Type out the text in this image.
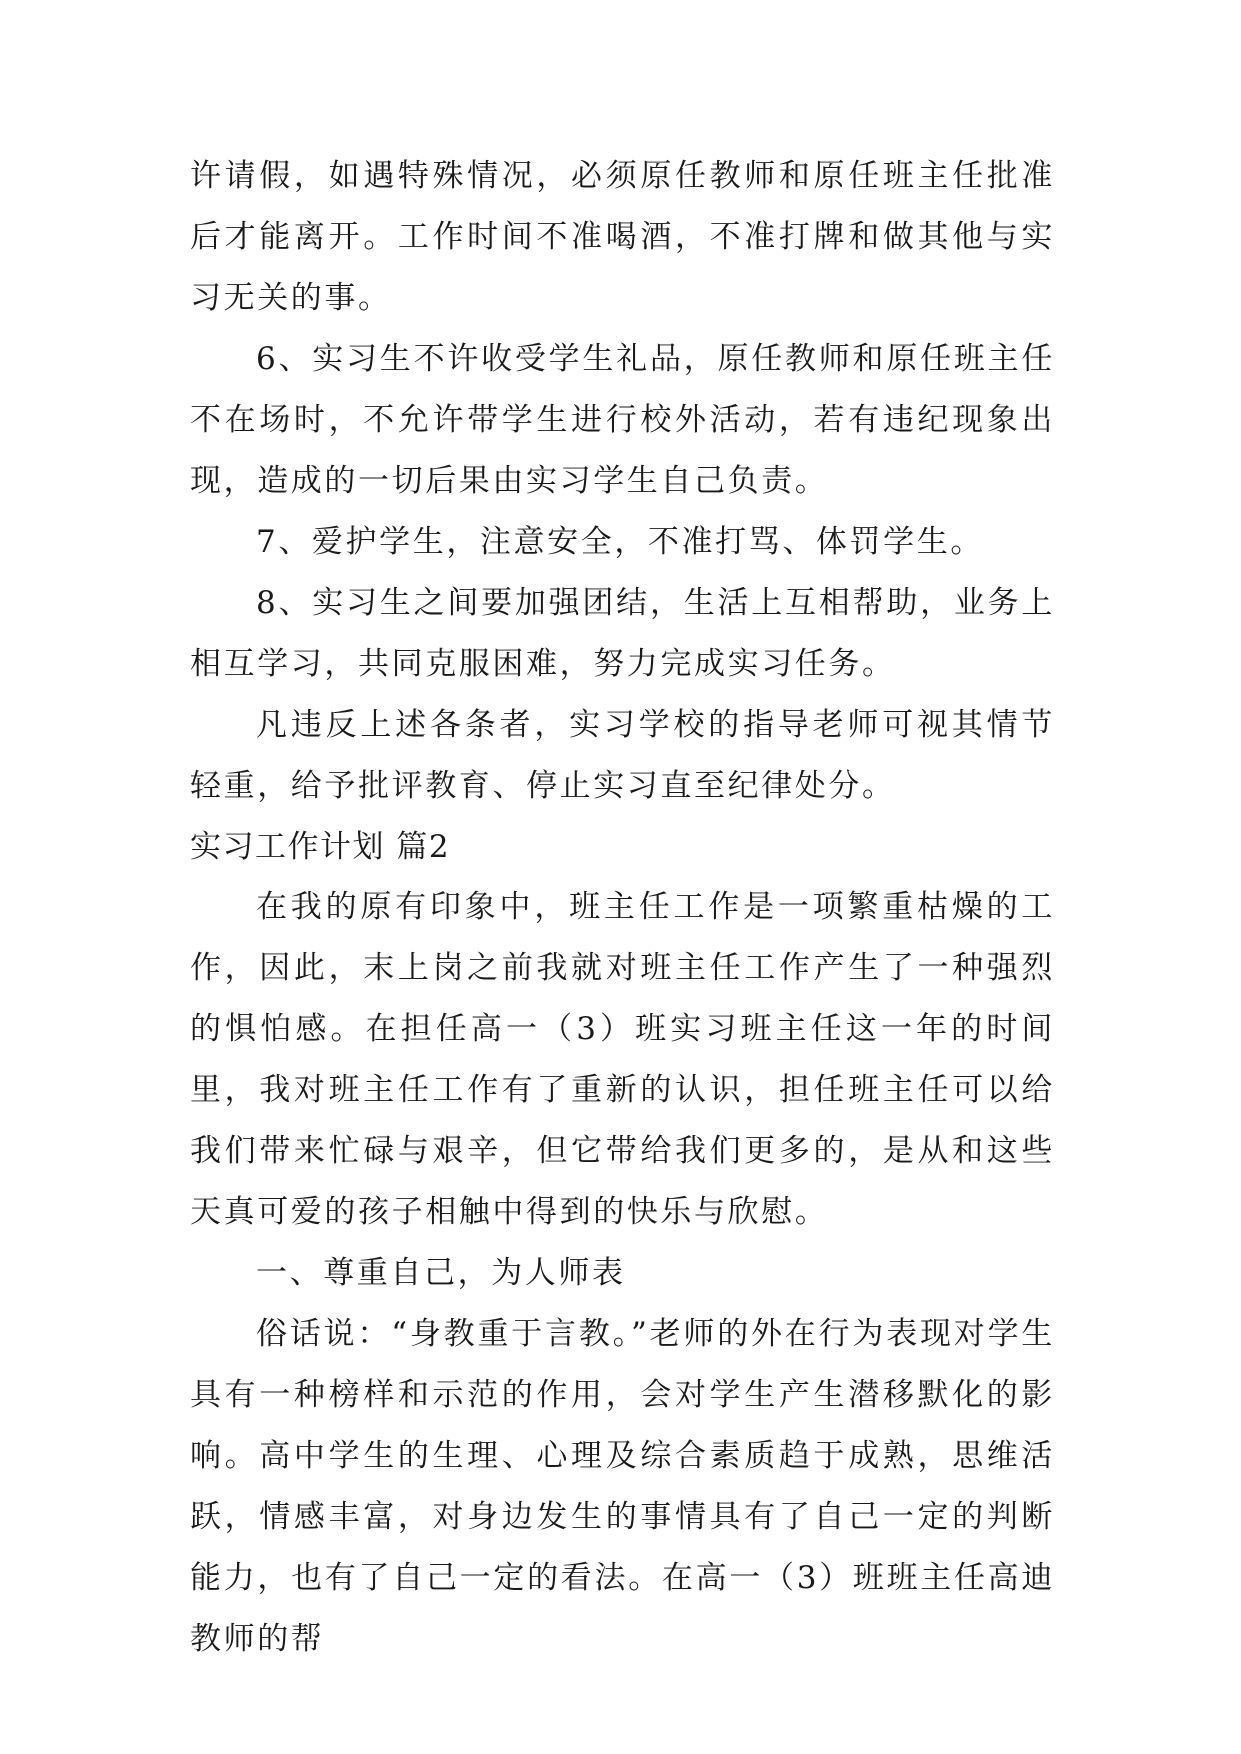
许请假，如遇特殊情况，必须原任教师和原任班主任批准后才能离开。工作时间不准喝酒，不准打牌和做其他与实习无关的事。

6、实习生不许收受学生礼品，原任教师和原任班主任不在场时，不允许带学生进行校外活动，若有违纪现象出现，造成的一切后果由实习学生自己负责。

7、爱护学生，注意安全，不准打骂、体罚学生。

8、实习生之间要加强团结，生活上互相帮助，业务上相互学习，共同克服困难，努力完成实习任务。

凡违反上述各条者，实习学校的指导老师可视其情节轻重，给予批评教育、停止实习直至纪律处分。

实习工作计划 篇2

在我的原有印象中，班主任工作是一项繁重枯燥的工作，因此，末上岗之前我就对班主任工作产生了一种强烈的惧怕感。在担任高一（3）班实习班主任这一年的时间里，我对班主任工作有了重新的认识，担任班主任可以给我们带来忙碌与艰辛，但它带给我们更多的，是从和这些天真可爱的孩子相触中得到的快乐与欣慰。

一、尊重自己，为人师表

俗话说：“身教重于言教。”老师的外在行为表现对学生具有一种榜样和示范的作用，会对学生产生潜移默化的影响。高中学生的生理、心理及综合素质趋于成熟，思维活跃，情感丰富，对身边发生的事情具有了自己一定的判断能力，也有了自己一定的看法。在高一（3）班班主任高迪教师的帮
